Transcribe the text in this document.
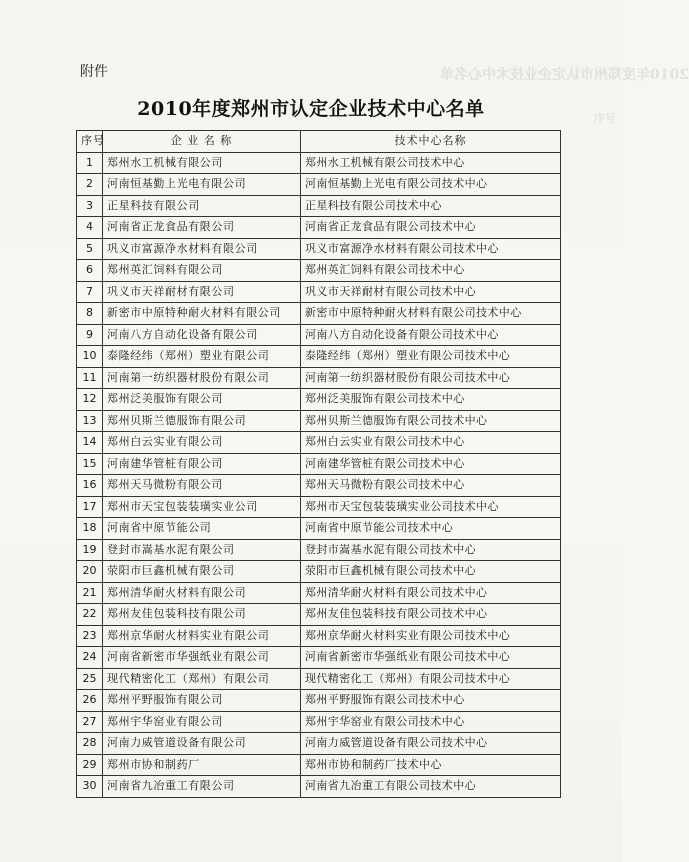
2010年度郑州市认定企业技术中心名单
序号
附件
2010年度郑州市认定企业技术中心名单
序号	企 业 名 称	技术中心名称
1	郑州水工机械有限公司	郑州水工机械有限公司技术中心
2	河南恒基勤上光电有限公司	河南恒基勤上光电有限公司技术中心
3	正星科技有限公司	正星科技有限公司技术中心
4	河南省正龙食品有限公司	河南省正龙食品有限公司技术中心
5	巩义市富源净水材料有限公司	巩义市富源净水材料有限公司技术中心
6	郑州英汇饲料有限公司	郑州英汇饲料有限公司技术中心
7	巩义市天祥耐材有限公司	巩义市天祥耐材有限公司技术中心
8	新密市中原特种耐火材料有限公司	新密市中原特种耐火材料有限公司技术中心
9	河南八方自动化设备有限公司	河南八方自动化设备有限公司技术中心
10	泰隆经纬（郑州）塑业有限公司	泰隆经纬（郑州）塑业有限公司技术中心
11	河南第一纺织器材股份有限公司	河南第一纺织器材股份有限公司技术中心
12	郑州泛美服饰有限公司	郑州泛美服饰有限公司技术中心
13	郑州贝斯兰德服饰有限公司	郑州贝斯兰德服饰有限公司技术中心
14	郑州白云实业有限公司	郑州白云实业有限公司技术中心
15	河南建华管桩有限公司	河南建华管桩有限公司技术中心
16	郑州天马微粉有限公司	郑州天马微粉有限公司技术中心
17	郑州市天宝包装装璜实业公司	郑州市天宝包装装璜实业公司技术中心
18	河南省中原节能公司	河南省中原节能公司技术中心
19	登封市嵩基水泥有限公司	登封市嵩基水泥有限公司技术中心
20	荥阳市巨鑫机械有限公司	荥阳市巨鑫机械有限公司技术中心
21	郑州清华耐火材料有限公司	郑州清华耐火材料有限公司技术中心
22	郑州友佳包装科技有限公司	郑州友佳包装科技有限公司技术中心
23	郑州京华耐火材料实业有限公司	郑州京华耐火材料实业有限公司技术中心
24	河南省新密市华强纸业有限公司	河南省新密市华强纸业有限公司技术中心
25	现代精密化工（郑州）有限公司	现代精密化工（郑州）有限公司技术中心
26	郑州平野服饰有限公司	郑州平野服饰有限公司技术中心
27	郑州宇华窑业有限公司	郑州宇华窑业有限公司技术中心
28	河南力威管道设备有限公司	河南力威管道设备有限公司技术中心
29	郑州市协和制药厂	郑州市协和制药厂技术中心
30	河南省九冶重工有限公司	河南省九冶重工有限公司技术中心
